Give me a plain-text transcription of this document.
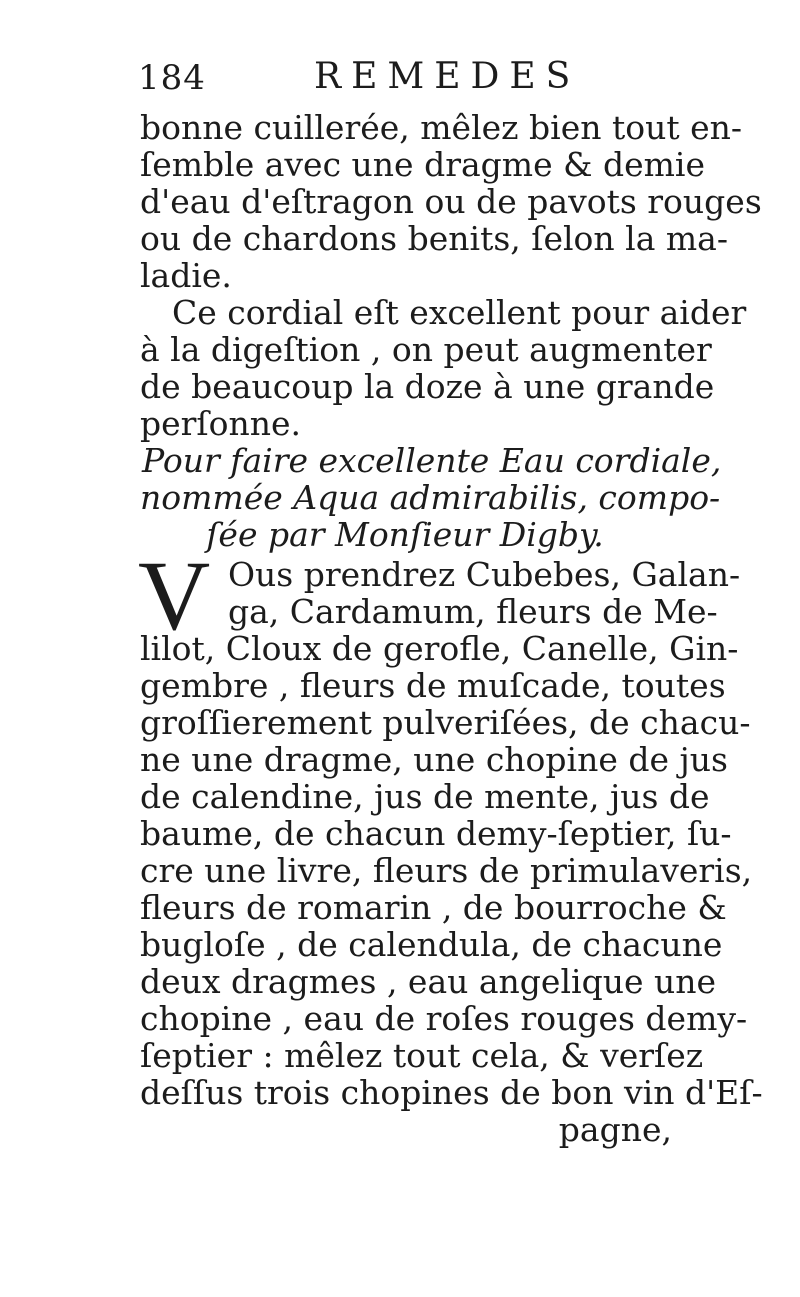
184	REMEDES
bonne cuillerée, mêlez bien tout en-
ſemble avec une dragme & demie
d'eau d'eſtragon ou de pavots rouges
ou de chardons benits, ſelon la ma-
ladie.
Ce cordial eſt excellent pour aider
à la digeſtion , on peut augmenter
de beaucoup la doze à une grande
perſonne.
Pour faire excellente Eau cordiale,
nommée Aqua admirabilis, compo-
ſée par Monſieur Digby.
V Ous prendrez Cubebes, Galan-
ga, Cardamum, fleurs de Me-
lilot, Cloux de gerofle, Canelle, Gin-
gembre , fleurs de muſcade, toutes
groſſierement pulveriſées, de chacu-
ne une dragme, une chopine de jus
de calendine, jus de mente, jus de
baume, de chacun demy-ſeptier, ſu-
cre une livre, fleurs de primulaveris,
fleurs de romarin , de bourroche &
bugloſe , de calendula, de chacune
deux dragmes , eau angelique une
chopine , eau de roſes rouges demy-
ſeptier : mêlez tout cela, & verſez
deſſus trois chopines de bon vin d'Eſ-
pagne,
